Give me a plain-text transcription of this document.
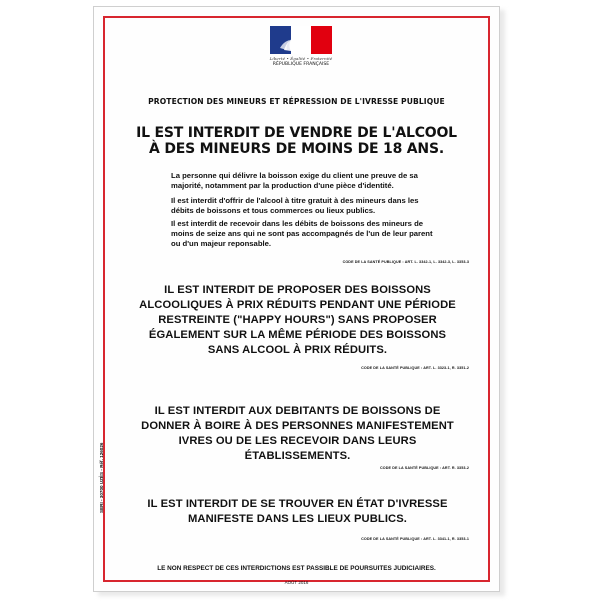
Liberté • Égalité • Fraternité
RÉPUBLIQUE FRANÇAISE
PROTECTION DES MINEURS ET RÉPRESSION DE L'IVRESSE PUBLIQUE
IL EST INTERDIT DE VENDRE DE L'ALCOOL
À DES MINEURS DE MOINS DE 18 ANS.
La personne qui délivre la boisson exige du client une preuve de sa majorité, notamment par la production d'une pièce d'identité.
Il est interdit d'offrir de l'alcool à titre gratuit à des mineurs dans les débits de boissons et tous commerces ou lieux publics.
Il est interdit de recevoir dans les débits de boissons des mineurs de moins de seize ans qui ne sont pas accompagnés de l'un de leur parent ou d'un majeur reponsable.
CODE DE LA SANTÉ PUBLIQUE : ART. L. 3342-1, L. 3342-3, L. 3353-3
IL EST INTERDIT DE PROPOSER DES BOISSONS ALCOOLIQUES À PRIX RÉDUITS PENDANT UNE PÉRIODE RESTREINTE ("HAPPY HOURS") SANS PROPOSER ÉGALEMENT SUR LA MÊME PÉRIODE DES BOISSONS SANS ALCOOL À PRIX RÉDUITS.
CODE DE LA SANTÉ PUBLIQUE : ART. L. 3323-1, R. 3351-2
IL EST INTERDIT AUX DEBITANTS DE BOISSONS DE DONNER À BOIRE À DES PERSONNES MANIFESTEMENT IVRES OU DE LES RECEVOIR DANS LEURS ÉTABLISSEMENTS.
CODE DE LA SANTÉ PUBLIQUE : ART. R. 3353-2
IL EST INTERDIT DE SE TROUVER EN ÉTAT D'IVRESSE MANIFESTE DANS LES LIEUX PUBLICS.
CODE DE LA SANTÉ PUBLIQUE : ART. L. 3341-1, R. 3353-1
SERI - 30700 UZÈS - Réf. 126026
LE NON RESPECT DE CES INTERDICTIONS EST PASSIBLE DE POURSUITES JUDICIAIRES.
AOÛT 2016
